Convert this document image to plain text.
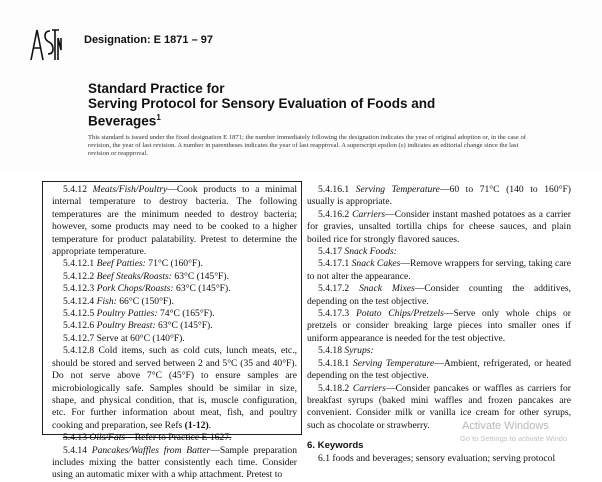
Designation: E 1871 – 97
Standard Practice for
Serving Protocol for Sensory Evaluation of Foods and
Beverages$^1$
This standard is issued under the fixed designation E 1871; the number immediately following the designation indicates the year of original adoption or, in the case of revision, the year of last revision. A number in parentheses indicates the year of last reapproval. A superscript epsilon (ε) indicates an editorial change since the last revision or reapproval.

5.4.12 Meats/Fish/Poultry—Cook products to a minimal internal temperature to destroy bacteria. The following temperatures are the minimum needed to destroy bacteria; however, some products may need to be cooked to a higher temperature for product palatability. Pretest to determine the appropriate temperature.

5.4.12.1 Beef Patties: 71°C (160°F).

5.4.12.2 Beef Steaks/Roasts: 63°C (145°F).

5.4.12.3 Pork Chops/Roasts: 63°C (145°F).

5.4.12.4 Fish: 66°C (150°F).

5.4.12.5 Poultry Patties: 74°C (165°F).

5.4.12.6 Poultry Breast: 63°C (145°F).

5.4.12.7 Serve at 60°C (140°F).

5.4.12.8 Cold items, such as cold cuts, lunch meats, etc., should be stored and served between 2 and 5°C (35 and 40°F). Do not serve above 7°C (45°F) to ensure samples are microbiologically safe. Samples should be similar in size, shape, and physical condition, that is, muscle configuration, etc. For further information about meat, fish, and poultry cooking and preparation, see Refs (1-12).

5.4.13 Oils/Fats—Refer to Practice E 1627.

5.4.14 Pancakes/Waffles from Batter—Sample preparation includes mixing the batter consistently each time. Consider using an automatic mixer with a whip attachment. Pretest to

5.4.16.1 Serving Temperature—60 to 71°C (140 to 160°F) usually is appropriate.

5.4.16.2 Carriers—Consider instant mashed potatoes as a carrier for gravies, unsalted tortilla chips for cheese sauces, and plain boiled rice for strongly flavored sauces.

5.4.17 Snack Foods:

5.4.17.1 Snack Cakes—Remove wrappers for serving, taking care to not alter the appearance.

5.4.17.2 Snack Mixes—Consider counting the additives, depending on the test objective.

5.4.17.3 Potato Chips/Pretzels—Serve only whole chips or pretzels or consider breaking large pieces into smaller ones if uniform appearance is needed for the test objective.

5.4.18 Syrups:

5.4.18.1 Serving Temperature—Ambient, refrigerated, or heated depending on the test objective.

5.4.18.2 Carriers—Consider pancakes or waffles as carriers for breakfast syrups (baked mini waffles and frozen pancakes are convenient. Consider milk or vanilla ice cream for other syrups, such as chocolate or strawberry.

6. Keywords

6.1 foods and beverages; sensory evaluation; serving protocol

Activate Windows
Go to Settings to activate Windo
